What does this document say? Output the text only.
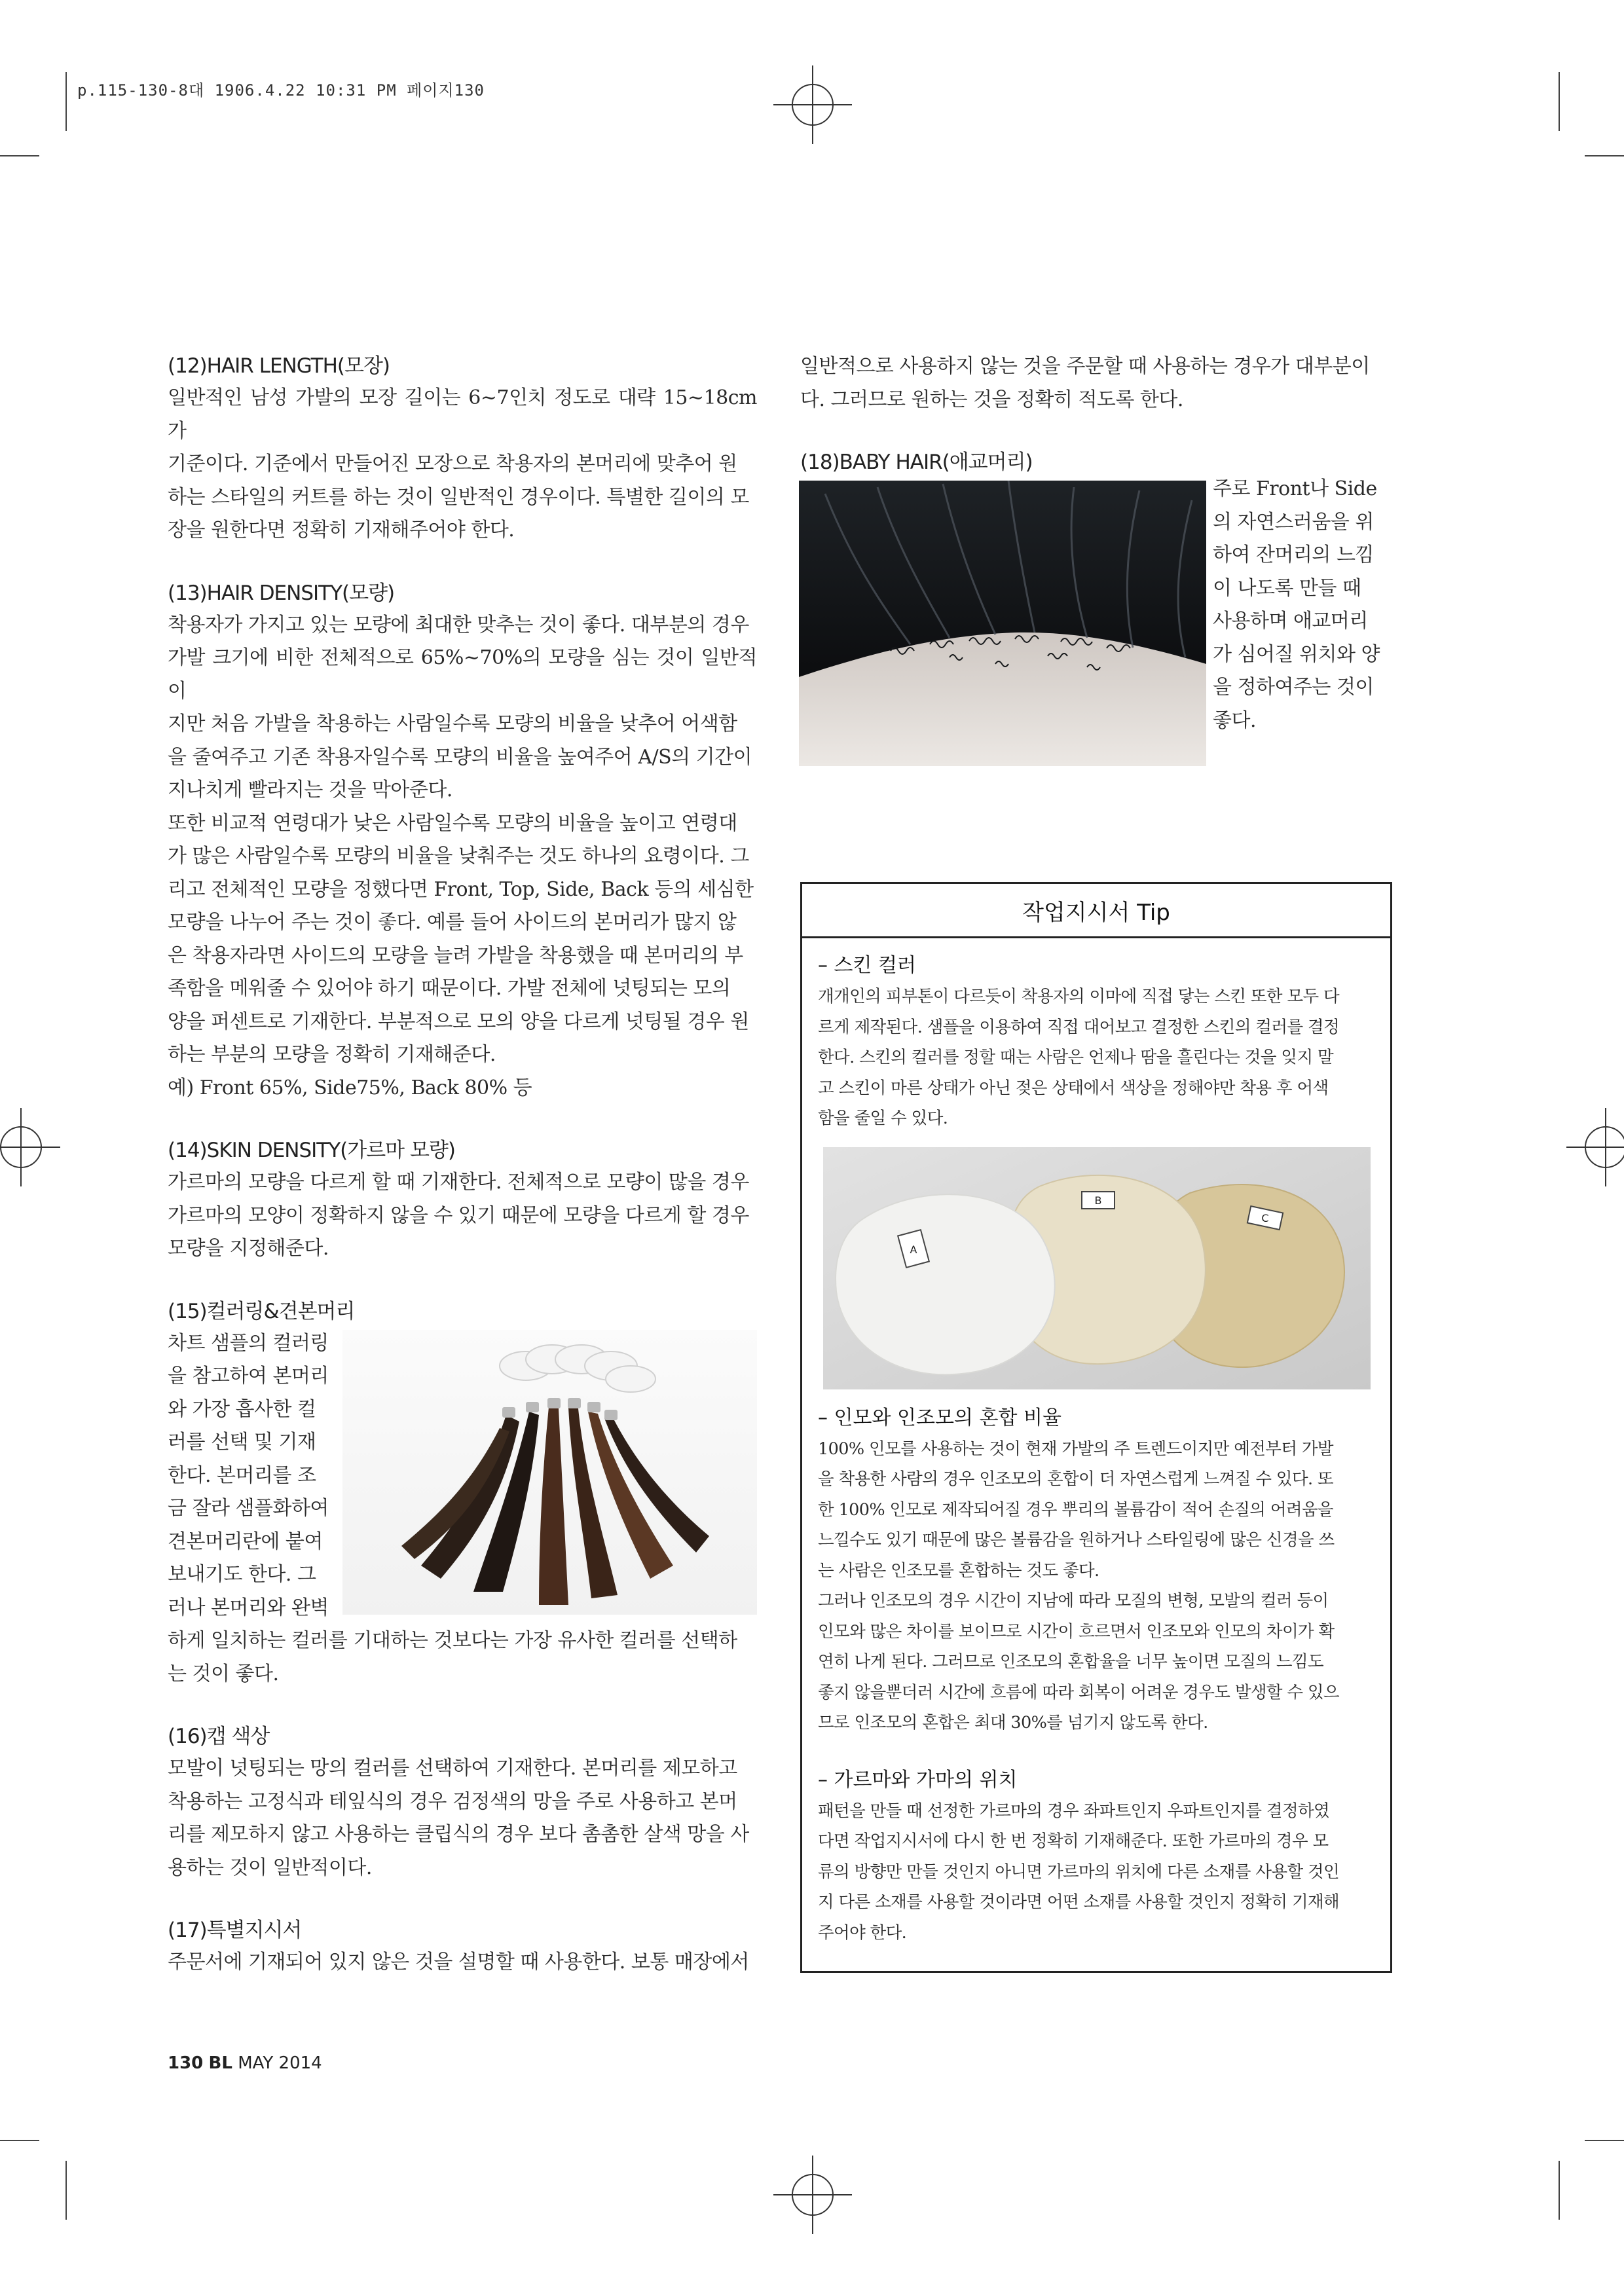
p.115-130-8대 1906.4.22 10:31 PM 페이지130

(12)HAIR LENGTH(모장)

일반적인 남성 가발의 모장 길이는 6~7인치 정도로 대략 15~18cm가

기준이다. 기준에서 만들어진 모장으로 착용자의 본머리에 맞추어 원

하는 스타일의 커트를 하는 것이 일반적인 경우이다. 특별한 길이의 모

장을 원한다면 정확히 기재해주어야 한다.

(13)HAIR DENSITY(모량)

착용자가 가지고 있는 모량에 최대한 맞추는 것이 좋다. 대부분의 경우

가발 크기에 비한 전체적으로 65%~70%의 모량을 심는 것이 일반적이

지만 처음 가발을 착용하는 사람일수록 모량의 비율을 낮추어 어색함

을 줄여주고 기존 착용자일수록 모량의 비율을 높여주어 A/S의 기간이

지나치게 빨라지는 것을 막아준다.

또한 비교적 연령대가 낮은 사람일수록 모량의 비율을 높이고 연령대

가 많은 사람일수록 모량의 비율을 낮춰주는 것도 하나의 요령이다. 그

리고 전체적인 모량을 정했다면 Front, Top, Side, Back 등의 세심한

모량을 나누어 주는 것이 좋다. 예를 들어 사이드의 본머리가 많지 않

은 착용자라면 사이드의 모량을 늘려 가발을 착용했을 때 본머리의 부

족함을 메워줄 수 있어야 하기 때문이다. 가발 전체에 넛팅되는 모의

양을 퍼센트로 기재한다. 부분적으로 모의 양을 다르게 넛팅될 경우 원

하는 부분의 모량을 정확히 기재해준다.

예) Front 65%, Side75%, Back 80% 등

(14)SKIN DENSITY(가르마 모량)

가르마의 모량을 다르게 할 때 기재한다. 전체적으로 모량이 많을 경우

가르마의 모양이 정확하지 않을 수 있기 때문에 모량을 다르게 할 경우

모량을 지정해준다.

(15)컬러링&견본머리

차트 샘플의 컬러링

을 참고하여 본머리

와 가장 흡사한 컬

러를 선택 및 기재

한다. 본머리를 조

금 잘라 샘플화하여

견본머리란에 붙여

보내기도 한다. 그

러나 본머리와 완벽

하게 일치하는 컬러를 기대하는 것보다는 가장 유사한 컬러를 선택하

는 것이 좋다.

(16)캡 색상

모발이 넛팅되는 망의 컬러를 선택하여 기재한다. 본머리를 제모하고

착용하는 고정식과 테잎식의 경우 검정색의 망을 주로 사용하고 본머

리를 제모하지 않고 사용하는 클립식의 경우 보다 촘촘한 살색 망을 사

용하는 것이 일반적이다.

(17)특별지시서

주문서에 기재되어 있지 않은 것을 설명할 때 사용한다. 보통 매장에서

일반적으로 사용하지 않는 것을 주문할 때 사용하는 경우가 대부분이

다. 그러므로 원하는 것을 정확히 적도록 한다.

(18)BABY HAIR(애교머리)

주로 Front나 Side

의 자연스러움을 위

하여 잔머리의 느낌

이 나도록 만들 때

사용하며 애교머리

가 심어질 위치와 양

을 정하여주는 것이

좋다.

작업지시서 Tip

– 스킨 컬러

개개인의 피부톤이 다르듯이 착용자의 이마에 직접 닿는 스킨 또한 모두 다

르게 제작된다. 샘플을 이용하여 직접 대어보고 결정한 스킨의 컬러를 결정

한다. 스킨의 컬러를 정할 때는 사람은 언제나 땀을 흘린다는 것을 잊지 말

고 스킨이 마른 상태가 아닌 젖은 상태에서 색상을 정해야만 착용 후 어색

함을 줄일 수 있다.

A
B
C

– 인모와 인조모의 혼합 비율

100% 인모를 사용하는 것이 현재 가발의 주 트렌드이지만 예전부터 가발

을 착용한 사람의 경우 인조모의 혼합이 더 자연스럽게 느껴질 수 있다. 또

한 100% 인모로 제작되어질 경우 뿌리의 볼륨감이 적어 손질의 어려움을

느낄수도 있기 때문에 많은 볼륨감을 원하거나 스타일링에 많은 신경을 쓰

는 사람은 인조모를 혼합하는 것도 좋다.

그러나 인조모의 경우 시간이 지남에 따라 모질의 변형, 모발의 컬러 등이

인모와 많은 차이를 보이므로 시간이 흐르면서 인조모와 인모의 차이가 확

연히 나게 된다. 그러므로 인조모의 혼합율을 너무 높이면 모질의 느낌도

좋지 않을뿐더러 시간에 흐름에 따라 회복이 어려운 경우도 발생할 수 있으

므로 인조모의 혼합은 최대 30%를 넘기지 않도록 한다.

– 가르마와 가마의 위치

패턴을 만들 때 선정한 가르마의 경우 좌파트인지 우파트인지를 결정하였

다면 작업지시서에 다시 한 번 정확히 기재해준다. 또한 가르마의 경우 모

류의 방향만 만들 것인지 아니면 가르마의 위치에 다른 소재를 사용할 것인

지 다른 소재를 사용할 것이라면 어떤 소재를 사용할 것인지 정확히 기재해

주어야 한다.

130 BL MAY 2014
